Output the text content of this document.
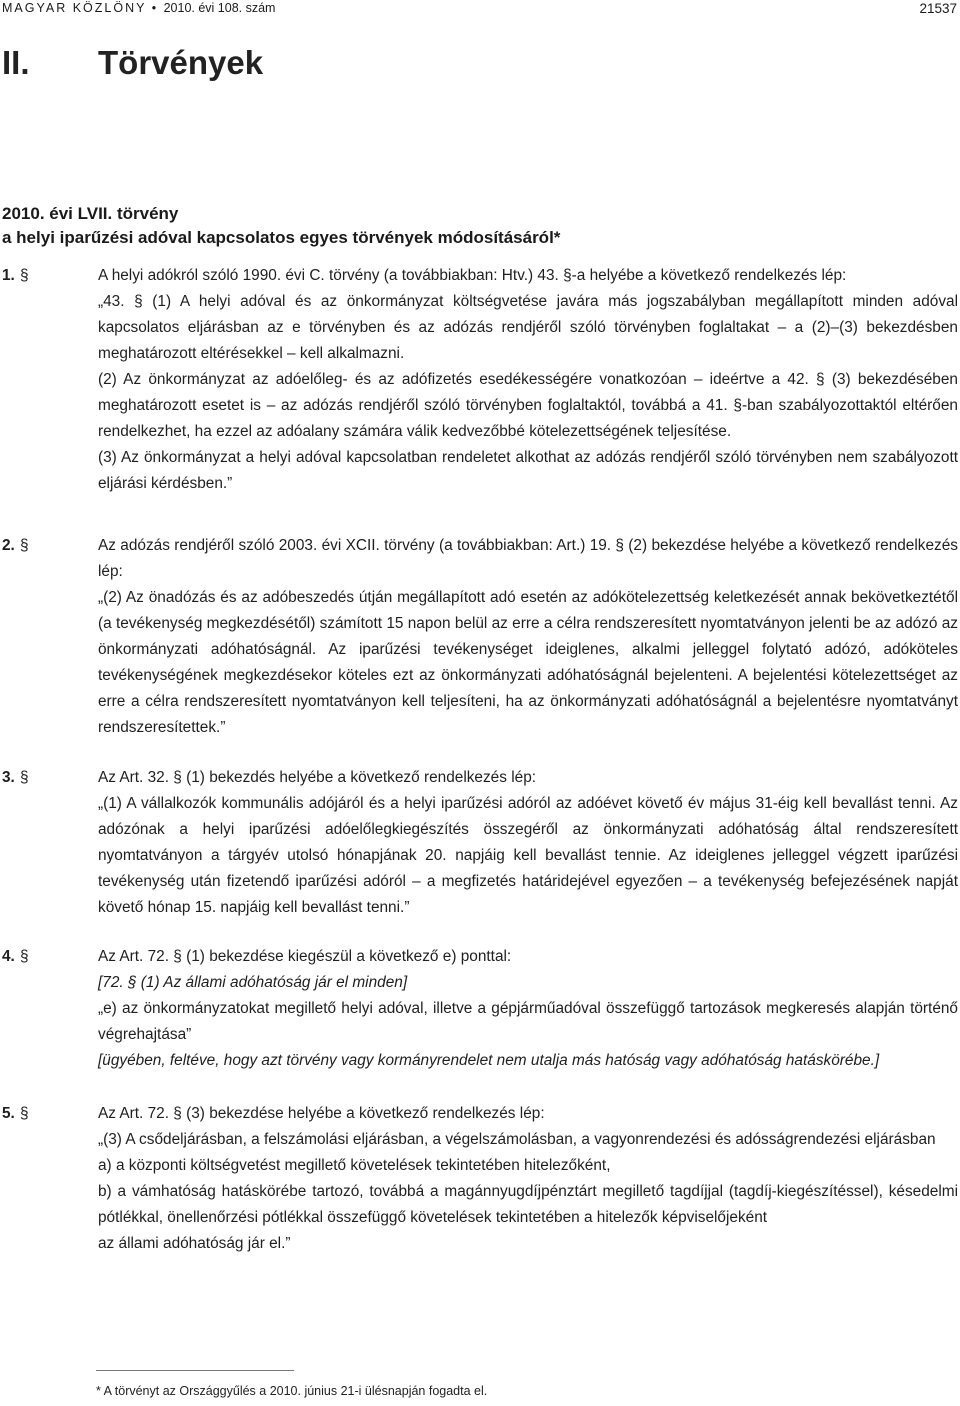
MAGYAR KÖZLÖNY • 2010. évi 108. szám	21537
II. Törvények
2010. évi LVII. törvény
a helyi iparűzési adóval kapcsolatos egyes törvények módosításáról*
1. §	A helyi adókról szóló 1990. évi C. törvény (a továbbiakban: Htv.) 43. §-a helyébe a következő rendelkezés lép:

„43. § (1) A helyi adóval és az önkormányzat költségvetése javára más jogszabályban megállapított minden adóval kapcsolatos eljárásban az e törvényben és az adózás rendjéről szóló törvényben foglaltakat – a (2)–(3) bekezdésben meghatározott eltérésekkel – kell alkalmazni.

(2) Az önkormányzat az adóelőleg- és az adófizetés esedékességére vonatkozóan – ideértve a 42. § (3) bekezdésében meghatározott esetet is – az adózás rendjéről szóló törvényben foglaltaktól, továbbá a 41. §-ban szabályozottaktól eltérően rendelkezhet, ha ezzel az adóalany számára válik kedvezőbbé kötelezettségének teljesítése.

(3) Az önkormányzat a helyi adóval kapcsolatban rendeletet alkothat az adózás rendjéről szóló törvényben nem szabályozott eljárási kérdésben.”

2. §	Az adózás rendjéről szóló 2003. évi XCII. törvény (a továbbiakban: Art.) 19. § (2) bekezdése helyébe a következő rendelkezés lép:

„(2) Az önadózás és az adóbeszedés útján megállapított adó esetén az adókötelezettség keletkezését annak bekövetkeztétől (a tevékenység megkezdésétől) számított 15 napon belül az erre a célra rendszeresített nyomtatványon jelenti be az adózó az önkormányzati adóhatóságnál. Az iparűzési tevékenységet ideiglenes, alkalmi jelleggel folytató adózó, adóköteles tevékenységének megkezdésekor köteles ezt az önkormányzati adóhatóságnál bejelenteni. A bejelentési kötelezettséget az erre a célra rendszeresített nyomtatványon kell teljesíteni, ha az önkormányzati adóhatóságnál a bejelentésre nyomtatványt rendszeresítettek.”

3. §	Az Art. 32. § (1) bekezdés helyébe a következő rendelkezés lép:

„(1) A vállalkozók kommunális adójáról és a helyi iparűzési adóról az adóévet követő év május 31-éig kell bevallást tenni. Az adózónak a helyi iparűzési adóelőlegkiegészítés összegéről az önkormányzati adóhatóság által rendszeresített nyomtatványon a tárgyév utolsó hónapjának 20. napjáig kell bevallást tennie. Az ideiglenes jelleggel végzett iparűzési tevékenység után fizetendő iparűzési adóról – a megfizetés határidejével egyezően – a tevékenység befejezésének napját követő hónap 15. napjáig kell bevallást tenni.”

4. §	Az Art. 72. § (1) bekezdése kiegészül a következő e) ponttal:

[72. § (1) Az állami adóhatóság jár el minden]

„e) az önkormányzatokat megillető helyi adóval, illetve a gépjárműadóval összefüggő tartozások megkeresés alapján történő végrehajtása”

[ügyében, feltéve, hogy azt törvény vagy kormányrendelet nem utalja más hatóság vagy adóhatóság hatáskörébe.]

5. §	Az Art. 72. § (3) bekezdése helyébe a következő rendelkezés lép:

„(3) A csődeljárásban, a felszámolási eljárásban, a végelszámolásban, a vagyonrendezési és adósságrendezési eljárásban

a) a központi költségvetést megillető követelések tekintetében hitelezőként,

b) a vámhatóság hatáskörébe tartozó, továbbá a magánnyugdíjpénztárt megillető tagdíjjal (tagdíj-kiegészítéssel), késedelmi pótlékkal, önellenőrzési pótlékkal összefüggő követelések tekintetében a hitelezők képviselőjeként

az állami adóhatóság jár el.”

* A törvényt az Országgyűlés a 2010. június 21-i ülésnapján fogadta el.
